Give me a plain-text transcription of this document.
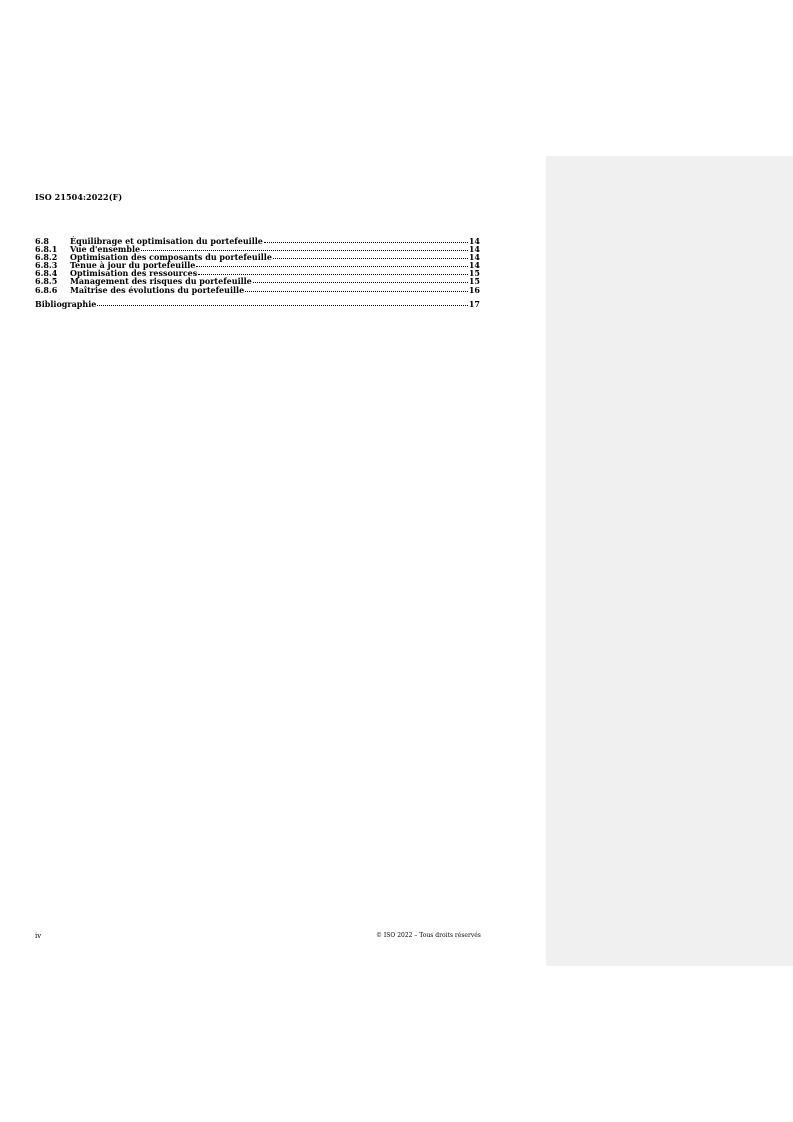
ISO 21504:2022(F)
6.8	Équilibrage et optimisation du portefeuille	14
6.8.1	Vue d'ensemble	14
6.8.2	Optimisation des composants du portefeuille	14
6.8.3	Tenue à jour du portefeuille	14
6.8.4	Optimisation des ressources	15
6.8.5	Management des risques du portefeuille	15
6.8.6	Maîtrise des évolutions du portefeuille	16
Bibliographie	17
iv	© ISO 2022 – Tous droits réservés
